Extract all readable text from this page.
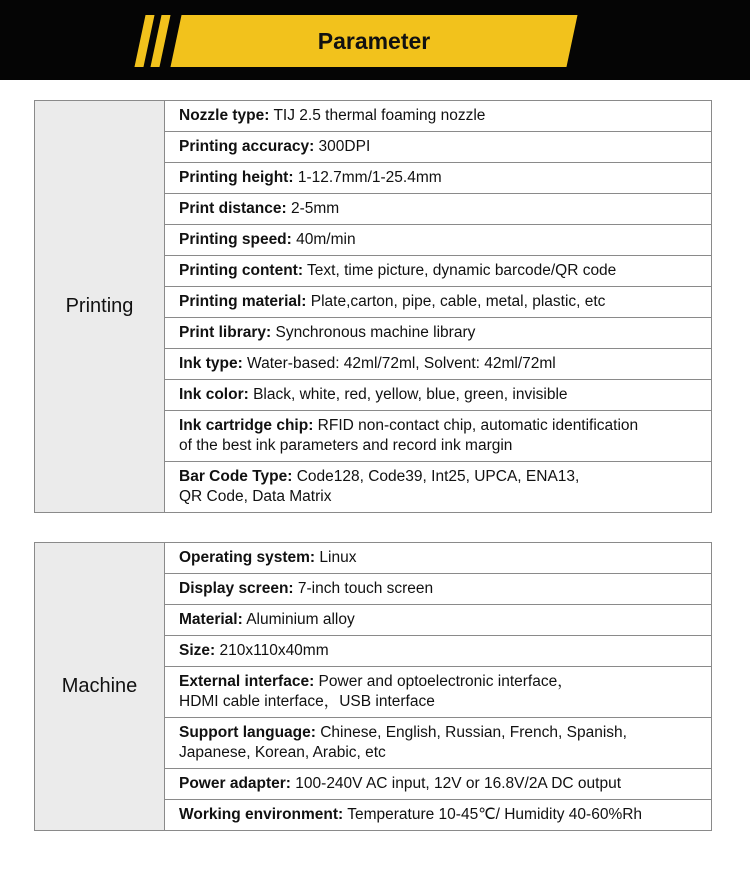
Parameter
Printing	Nozzle type: TIJ 2.5 thermal foaming nozzle
Printing accuracy: 300DPI
Printing height: 1-12.7mm/1-25.4mm
Print distance: 2-5mm
Printing speed: 40m/min
Printing content: Text, time picture, dynamic barcode/QR code
Printing material: Plate,carton, pipe, cable, metal, plastic, etc
Print library: Synchronous machine library
Ink type: Water-based: 42ml/72ml, Solvent: 42ml/72ml
Ink color: Black, white, red, yellow, blue, green, invisible
Ink cartridge chip: RFID non-contact chip, automatic identification
of the best ink parameters and record ink margin
Bar Code Type: Code128, Code39, Int25, UPCA, ENA13,
QR Code, Data Matrix
Machine	Operating system: Linux
Display screen: 7-inch touch screen
Material: Aluminium alloy
Size: 210x110x40mm
External interface: Power and optoelectronic interface，
HDMI cable interface，USB interface
Support language: Chinese, English, Russian, French, Spanish,
Japanese, Korean, Arabic, etc
Power adapter: 100-240V AC input, 12V or 16.8V/2A DC output
Working environment: Temperature 10-45℃/ Humidity 40-60%Rh
